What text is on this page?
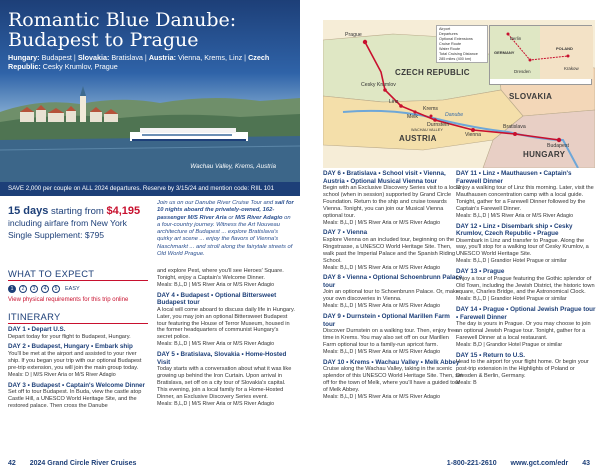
Romantic Blue Danube:
Budapest to Prague
Hungary: Budapest | Slovakia: Bratislava | Austria: Vienna, Krems, Linz | Czech Republic: Cesky Krumlov, Prague
Wachau Valley, Krems, Austria
SAVE 2,000 per couple on ALL 2024 departures. Reserve by 3/15/24 and mention code: RIIL 101
15 days starting from $4,195
including airfare from New York
Single Supplement: $795
Join us on our Danube River Cruise Tour and sail for 10 nights aboard the privately-owned, 162-passenger M/S River Aria or M/S River Adagio on a four-country journey. Witness the Art Nouveau architecture of Budapest ... explore Bratislava's quirky art scene ... enjoy the flavors of Vienna's Naschmarkt ... and stroll along the fairytale streets of Old World Prague.
WHAT TO EXPECT
1	2	3	4	5	EASY
View physical requirements for this trip online
ITINERARY
DAY 1 • Depart U.S.
Depart today for your flight to Budapest, Hungary.
DAY 2 • Budapest, Hungary • Embark ship
You'll be met at the airport and assisted to your river ship. If you began your trip with our optional Budapest pre-trip extension, you will join the main group today.
Meals: D | M/S River Aria or M/S River Adagio
DAY 3 • Budapest • Captain's Welcome Dinner
Set off to tour Budapest. In Buda, view the castle atop Castle Hill, a UNESCO World Heritage Site, and the restored palace. Then cross the Danube
and explore Pest, where you'll see Heroes' Square. Tonight, enjoy a Captain's Welcome Dinner.
Meals: B,L,D | M/S River Aria or M/S River Adagio
DAY 4 • Budapest • Optional Bittersweet Budapest tour
A local will come aboard to discuss daily life in Hungary. Later, you may join an optional Bittersweet Budapest tour featuring the House of Terror Museum, housed in the former headquarters of communist Hungary's secret police.
Meals: B,L,D | M/S River Aria or M/S River Adagio
DAY 5 • Bratislava, Slovakia • Home-Hosted Visit
Today starts with a conversation about what it was like growing up behind the Iron Curtain. Upon arrival in Bratislava, set off on a city tour of Slovakia's capital. This evening, join a local family for a Home-Hosted Dinner, an Exclusive Discovery Series event.
Meals: B,L,D | M/S River Aria or M/S River Adagio
42 2024 Grand Circle River Cruises
Prague
Cesky Krumlov
Linz
Melk
Krems
Durnstein
Vienna
Bratislava
Budapest
Danube
WACHAU VALLEY
CZECH REPUBLIC
SLOVAKIA
AUSTRIA
HUNGARY
Airport
Departures
Optional Extensions
Cruise Route
Water Route
Total Cruising Distance 285 miles (400 km)
Berlin
GERMANY
Dresden
POLAND
Krakow
DAY 6 • Bratislava • School visit • Vienna, Austria • Optional Musical Vienna tour
Begin with an Exclusive Discovery Series visit to a local school (when in session) supported by Grand Circle Foundation. Return to the ship and cruise towards Vienna. Tonight, you can join our Musical Vienna optional tour.
Meals: B,L,D | M/S River Aria or M/S River Adagio
DAY 7 • Vienna
Explore Vienna on an included tour, beginning on the Ringstrasse, a UNESCO World Heritage Site. Then, walk past the Imperial Palace and the Spanish Riding School.
Meals: B,L,D | M/S River Aria or M/S River Adagio
DAY 8 • Vienna • Optional Schoenbrunn Palace tour
Join an optional tour to Schoenbrunn Palace. Or, make your own discoveries in Vienna.
Meals: B,L,D | M/S River Aria or M/S River Adagio
DAY 9 • Durnstein • Optional Marillen Farm tour
Discover Durnstein on a walking tour. Then, enjoy free time in Krems. You may also set off on our Marillen Farm optional tour to a family-run apricot farm.
Meals: B,L,D | M/S River Aria or M/S River Adagio
DAY 10 • Krems • Wachau Valley • Melk Abbey
Cruise along the Wachau Valley, taking in the scenic splendor of this UNESCO World Heritage Site. Then, set off for the town of Melk, where you'll have a guided tour of Melk Abbey.
Meals: B,L,D | M/S River Aria or M/S River Adagio
DAY 11 • Linz • Mauthausen • Captain's Farewell Dinner
Enjoy a walking tour of Linz this morning. Later, visit the Mauthausen concentration camp with a local guide. Tonight, gather for a Farewell Dinner followed by the Captain's Farewell Dinner.
Meals: B,L,D | M/S River Aria or M/S River Adagio
DAY 12 • Linz • Disembark ship • Cesky Krumlov, Czech Republic • Prague
Disembark in Linz and transfer to Prague. Along the way, you'll stop for a walking tour of Cesky Krumlov, a UNESCO World Heritage Site.
Meals: B,L,D | Grandior Hotel Prague or similar
DAY 13 • Prague
Enjoy a tour of Prague featuring the Gothic splendor of Old Town, including the Jewish District, the historic town square, Charles Bridge, and the Astronomical Clock.
Meals: B,L,D | Grandior Hotel Prague or similar
DAY 14 • Prague • Optional Jewish Prague tour • Farewell Dinner
The day is yours in Prague. Or you may choose to join an optional Jewish Prague tour. Tonight, gather for a Farewell Dinner at a local restaurant.
Meals: B,D | Grandior Hotel Prague or similar
DAY 15 • Return to U.S.
Head to the airport for your flight home. Or begin your post-trip extension in the Highlights of Poland or Dresden & Berlin, Germany.
Meals: B
1-800-221-2610 www.gct.com/edr 43
